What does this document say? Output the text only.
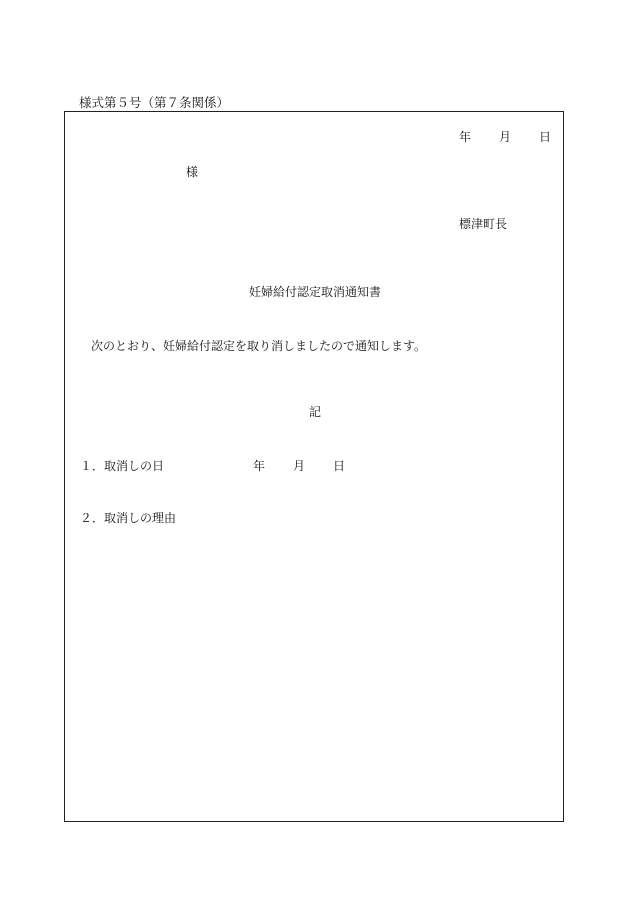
様式第５号（第７条関係）
年 月 日
様
標津町長
妊婦給付認定取消通知書
次のとおり、妊婦給付認定を取り消しましたので通知します。
記
１．取消しの日	年 月 日
２．取消しの理由
